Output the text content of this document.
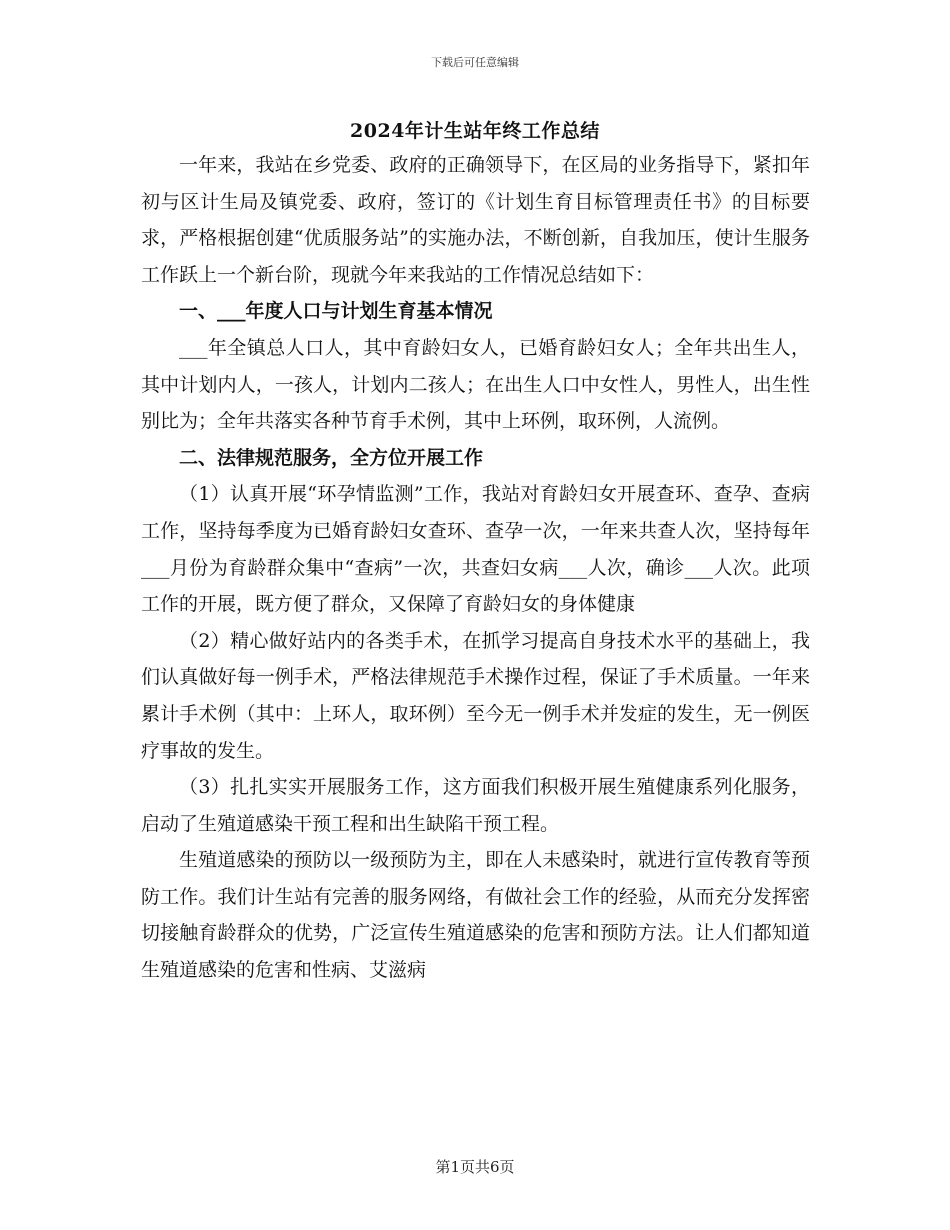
下载后可任意编辑
2024年计生站年终工作总结

一年来，我站在乡党委、政府的正确领导下，在区局的业务指导下，紧扣年初与区计生局及镇党委、政府，签订的《计划生育目标管理责任书》的目标要求，严格根据创建“优质服务站”的实施办法，不断创新，自我加压，使计生服务工作跃上一个新台阶，现就今年来我站的工作情况总结如下：

一、___年度人口与计划生育基本情况

___年全镇总人口人，其中育龄妇女人，已婚育龄妇女人；全年共出生人，其中计划内人，一孩人，计划内二孩人；在出生人口中女性人，男性人，出生性别比为；全年共落实各种节育手术例，其中上环例，取环例，人流例。

二、法律规范服务，全方位开展工作

（1）认真开展“环孕情监测”工作，我站对育龄妇女开展查环、查孕、查病工作，坚持每季度为已婚育龄妇女查环、查孕一次，一年来共查人次，坚持每年___月份为育龄群众集中“查病”一次，共查妇女病___人次，确诊___人次。此项工作的开展，既方便了群众，又保障了育龄妇女的身体健康

（2）精心做好站内的各类手术，在抓学习提高自身技术水平的基础上，我们认真做好每一例手术，严格法律规范手术操作过程，保证了手术质量。一年来累计手术例（其中：上环人，取环例）至今无一例手术并发症的发生，无一例医疗事故的发生。

（3）扎扎实实开展服务工作，这方面我们积极开展生殖健康系列化服务，启动了生殖道感染干预工程和出生缺陷干预工程。

生殖道感染的预防以一级预防为主，即在人未感染时，就进行宣传教育等预防工作。我们计生站有完善的服务网络，有做社会工作的经验，从而充分发挥密切接触育龄群众的优势，广泛宣传生殖道感染的危害和预防方法。让人们都知道生殖道感染的危害和性病、艾滋病

第1页共6页
